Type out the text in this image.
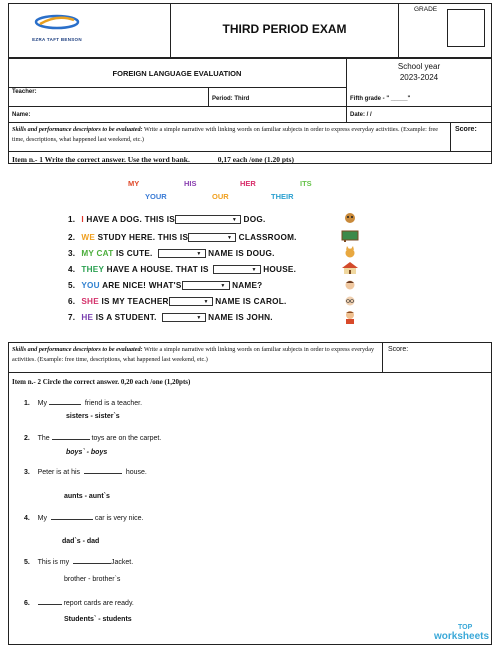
EZRA TAFT BENSON
THIRD PERIOD EXAM
GRADE
FOREIGN LANGUAGE EVALUATION
School year
2023-2024
Teacher:
Period: Third	Fifth grade - " _____"
Name:	Date: / /
Skills and performance descriptors to be evaluated: Write a simple narrative with linking words on familiar subjects in order to express everyday activities. (Example: free time, descriptions, what happened last weekend, etc.)
Score:
Item n.- 1 Write the correct answer. Use the word bank.	0,17 each /one (1.20 pts)
MY	HIS	HER	ITS
YOUR	OUR	THEIR
1. I HAVE A DOG. THIS IS	▼ DOG.
2. WE STUDY HERE. THIS IS	▼ CLASSROOM.
3. MY CAT IS CUTE.	▼ NAME IS DOUG.
4. THEY HAVE A HOUSE. THAT IS	▼ HOUSE.
5. YOU ARE NICE! WHAT'S	▼ NAME?
6. SHE IS MY TEACHER	▼ NAME IS CAROL.
7. HE IS A STUDENT.	▼ NAME IS JOHN.
Skills and performance descriptors to be evaluated: Write a simple narrative with linking words on familiar subjects in order to express everyday activities. (Example: free time, descriptions, what happened last weekend, etc.)
Score:
Item n.- 2 Circle the correct answer. 0,20 each /one (1,20pts)
1. My	friend is a teacher.
sisters - sister`s
2. The	toys are on the carpet.
boys` - boys
3. Peter is at his	house.
aunts - aunt`s
4. My	car is very nice.
dad`s - dad
5. This is my	Jacket.
brother - brother`s
6.	report cards are ready.
Students` - students
TOP
worksheets
